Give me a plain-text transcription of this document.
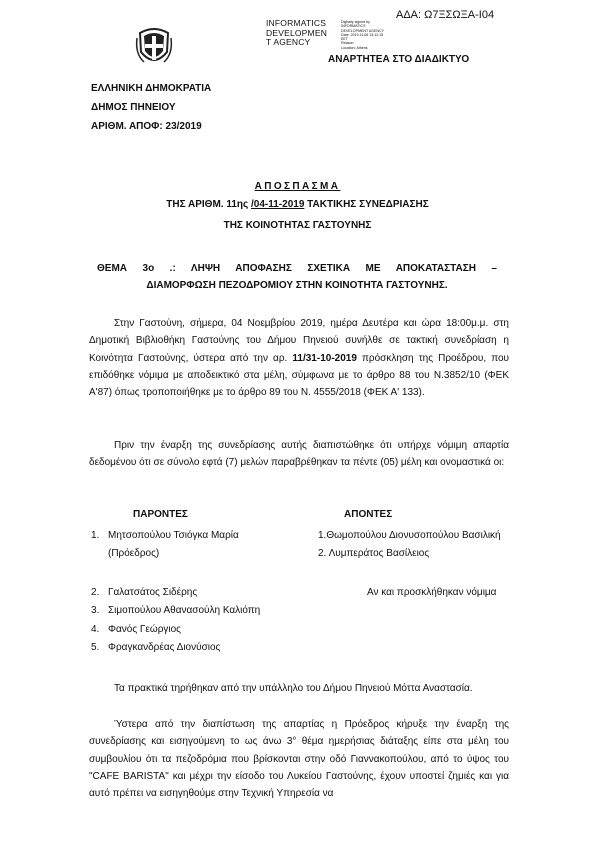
ΑΔΑ: Ω7ΞΣΩΞΑ-Ι04
INFORMATICS
DEVELOPMEN
T AGENCY
Digitally signed by
INFORMATICS
DEVELOPMENT AGENCY
Date: 2019.11.06 13:12:15
EET
Reason:
Location: Athens
ΑΝΑΡΤΗΤΕΑ ΣΤΟ ΔΙΑΔΙΚΤΥΟ
ΕΛΛΗΝΙΚΗ ΔΗΜΟΚΡΑΤΙΑ
ΔΗΜΟΣ ΠΗΝΕΙΟΥ
ΑΡΙΘΜ. ΑΠΟΦ: 23/2019
ΑΠΟΣΠΑΣΜΑ
ΤΗΣ ΑΡΙΘΜ. 11ης /04-11-2019 ΤΑΚΤΙΚΗΣ ΣΥΝΕΔΡΙΑΣΗΣ
ΤΗΣ ΚΟΙΝΟΤΗΤΑΣ ΓΑΣΤΟΥΝΗΣ
ΘΕΜΑ 3ο .: ΛΗΨΗ ΑΠΟΦΑΣΗΣ ΣΧΕΤΙΚΑ ΜΕ ΑΠΟΚΑΤΑΣΤΑΣΗ –
ΔΙΑΜΟΡΦΩΣΗ ΠΕΖΟΔΡΟΜΙΟΥ ΣΤΗΝ ΚΟΙΝΟΤΗΤΑ ΓΑΣΤΟΥΝΗΣ.
Στην Γαστούνη, σήμερα, 04 Νοεμβρίου 2019, ημέρα Δευτέρα και ώρα 18:00μ.μ. στη Δημοτική Βιβλιοθήκη Γαστούνης του Δήμου Πηνειού συνήλθε σε τακτική συνεδρίαση η Κοινότητα Γαστούνης, ύστερα από την αρ. 11/31-10-2019 πρόσκληση της Προέδρου, που επιδόθηκε νόμιμα με αποδεικτικό στα μέλη, σύμφωνα με το άρθρο 88 του Ν.3852/10 (ΦΕΚ Α'87) όπως τροποποιήθηκε με το άρθρο 89 του Ν. 4555/2018 (ΦΕΚ Α' 133).
Πριν την έναρξη της συνεδρίασης αυτής διαπιστώθηκε ότι υπήρχε νόμιμη απαρτία δεδομένου ότι σε σύνολο εφτά (7) μελών παραβρέθηκαν τα πέντε (05) μέλη και ονομαστικά οι:
ΠΑΡΟΝΤΕΣ	ΑΠΟΝΤΕΣ
1. Μητσοπούλου Τσιόγκα Μαρία
(Πρόεδρος)
2. Γαλατσάτος Σιδέρης
3. Σιμοπούλου Αθανασούλη Καλιόπη
4. Φανός Γεώργιος
5. Φραγκανδρέας Διονύσιος
1.Θωμοπούλου Διονυσοπούλου Βασιλική
2. Λυμπεράτος Βασίλειος
Αν και προσκλήθηκαν νόμιμα
Τα πρακτικά τηρήθηκαν από την υπάλληλο του Δήμου Πηνειού Μόττα Αναστασία.
Ύστερα από την διαπίστωση της απαρτίας η Πρόεδρος κήρυξε την έναρξη της συνεδρίασης και εισηγούμενη το ως άνω 3° θέμα ημερήσιας διάταξης είπε στα μέλη του συμβουλίου ότι τα πεζοδρόμια που βρίσκονται στην οδό Γιαννακοπούλου, από το ύψος του "CAFE BARISTA" και μέχρι την είσοδο του Λυκείου Γαστούνης, έχουν υποστεί ζημιές και για αυτό πρέπει να εισηγηθούμε στην Τεχνική Υπηρεσία να
